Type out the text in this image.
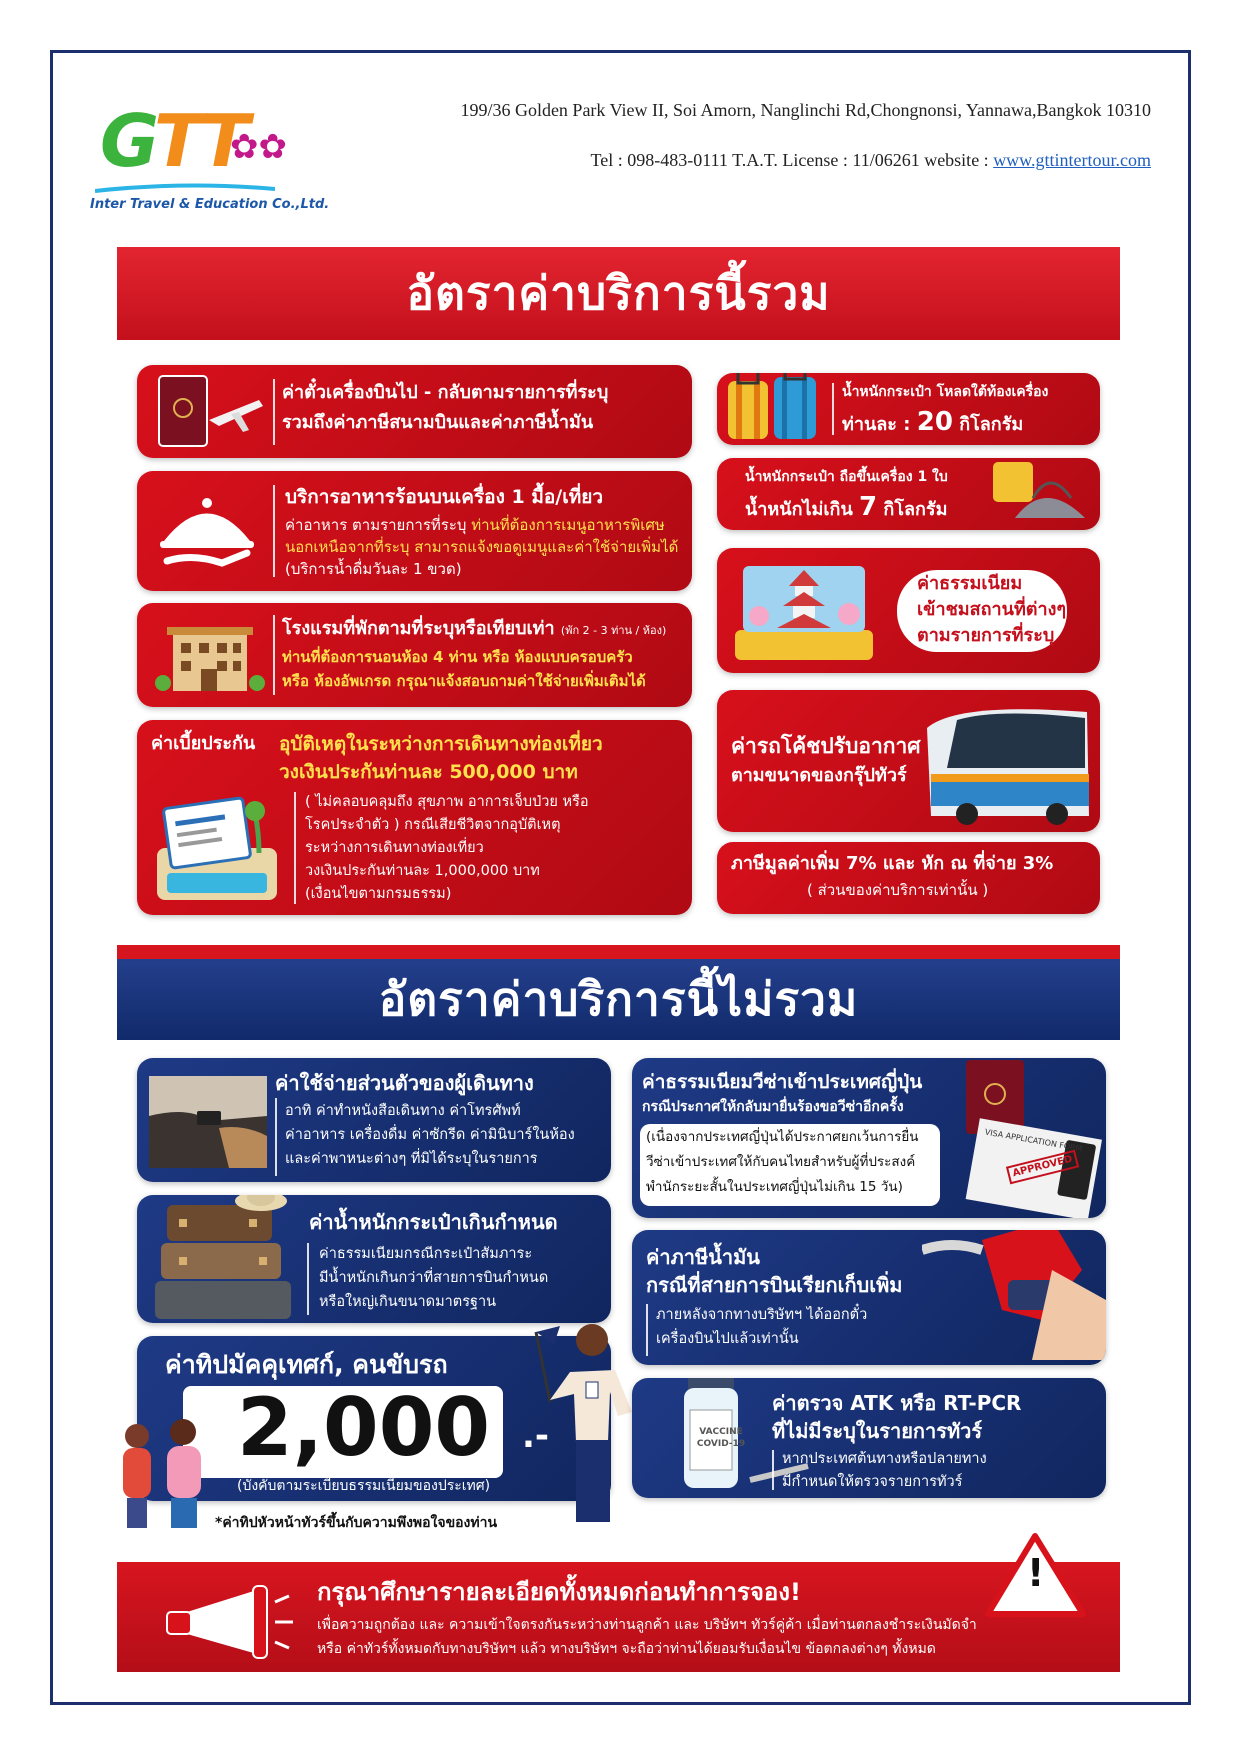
GTT
✿✿
Inter Travel & Education Co.,Ltd.
199/36 Golden Park View II, Soi Amorn, Nanglinchi Rd,Chongnonsi, Yannawa,Bangkok 10310
Tel : 098-483-0111 T.A.T. License : 11/06261 website : www.gttintertour.com
อัตราค่าบริการนี้รวม
ค่าตั๋วเครื่องบินไป - กลับตามรายการที่ระบุ
รวมถึงค่าภาษีสนามบินและค่าภาษีน้ำมัน
บริการอาหารร้อนบนเครื่อง 1 มื้อ/เที่ยว
ค่าอาหาร ตามรายการที่ระบุ ท่านที่ต้องการเมนูอาหารพิเศษ
นอกเหนือจากที่ระบุ สามารถแจ้งขอดูเมนูและค่าใช้จ่ายเพิ่มได้
(บริการน้ำดื่มวันละ 1 ขวด)
โรงแรมที่พักตามที่ระบุหรือเทียบเท่า (พัก 2 - 3 ท่าน / ห้อง)
ท่านที่ต้องการนอนห้อง 4 ท่าน หรือ ห้องแบบครอบครัว
หรือ ห้องอัพเกรด กรุณาแจ้งสอบถามค่าใช้จ่ายเพิ่มเติมได้
ค่าเบี้ยประกัน อุบัติเหตุในระหว่างการเดินทางท่องเที่ยว
วงเงินประกันท่านละ 500,000 บาท
( ไม่คลอบคลุมถึง สุขภาพ อาการเจ็บป่วย หรือ
โรคประจำตัว ) กรณีเสียชีวิตจากอุบัติเหตุ
ระหว่างการเดินทางท่องเที่ยว
วงเงินประกันท่านละ 1,000,000 บาท
(เงื่อนไขตามกรมธรรม)
น้ำหนักกระเป๋า โหลดใต้ท้องเครื่อง
ท่านละ : 20 กิโลกรัม
น้ำหนักกระเป๋า ถือขึ้นเครื่อง 1 ใบ
น้ำหนักไม่เกิน 7 กิโลกรัม
ค่าธรรมเนียม
เข้าชมสถานที่ต่างๆ
ตามรายการที่ระบุ
ค่ารถโค้ชปรับอากาศ
ตามขนาดของกรุ๊ปทัวร์
ภาษีมูลค่าเพิ่ม 7% และ หัก ณ ที่จ่าย 3%
( ส่วนของค่าบริการเท่านั้น )
อัตราค่าบริการนี้ไม่รวม
ค่าใช้จ่ายส่วนตัวของผู้เดินทาง
อาทิ ค่าทำหนังสือเดินทาง ค่าโทรศัพท์
ค่าอาหาร เครื่องดื่ม ค่าซักรีด ค่ามินิบาร์ในห้อง
และค่าพาหนะต่างๆ ที่มิได้ระบุในรายการ
ค่าน้ำหนักกระเป๋าเกินกำหนด
ค่าธรรมเนียมกรณีกระเป๋าสัมภาระ
มีน้ำหนักเกินกว่าที่สายการบินกำหนด
หรือใหญ่เกินขนาดมาตรฐาน
ค่าทิปมัคคุเทศก์, คนขับรถ
2,000 .-
(บังคับตามระเบียบธรรมเนียมของประเทศ)
*ค่าทิปหัวหน้าทัวร์ขึ้นกับความพึงพอใจของท่าน
ค่าธรรมเนียมวีซ่าเข้าประเทศญี่ปุ่น
กรณีประกาศให้กลับมายื่นร้องขอวีซ่าอีกครั้ง
(เนื่องจากประเทศญี่ปุ่นได้ประกาศยกเว้นการยื่น
วีซ่าเข้าประเทศให้กับคนไทยสำหรับผู้ที่ประสงค์
พำนักระยะสั้นในประเทศญี่ปุ่นไม่เกิน 15 วัน)
VISA APPLICATION FORM
APPROVED
ค่าภาษีน้ำมัน
กรณีที่สายการบินเรียกเก็บเพิ่ม
ภายหลังจากทางบริษัทฯ ได้ออกตั๋ว
เครื่องบินไปแล้วเท่านั้น
VACCINE COVID-19
ค่าตรวจ ATK หรือ RT-PCR
ที่ไม่มีระบุในรายการทัวร์
หากประเทศต้นทางหรือปลายทาง
มีกำหนดให้ตรวจรายการทัวร์
กรุณาศึกษารายละเอียดทั้งหมดก่อนทำการจอง!
เพื่อความถูกต้อง และ ความเข้าใจตรงกันระหว่างท่านลูกค้า และ บริษัทฯ ทัวร์คู่ค้า เมื่อท่านตกลงชำระเงินมัดจำ
หรือ ค่าทัวร์ทั้งหมดกับทางบริษัทฯ แล้ว ทางบริษัทฯ จะถือว่าท่านได้ยอมรับเงื่อนไข ข้อตกลงต่างๆ ทั้งหมด
!
